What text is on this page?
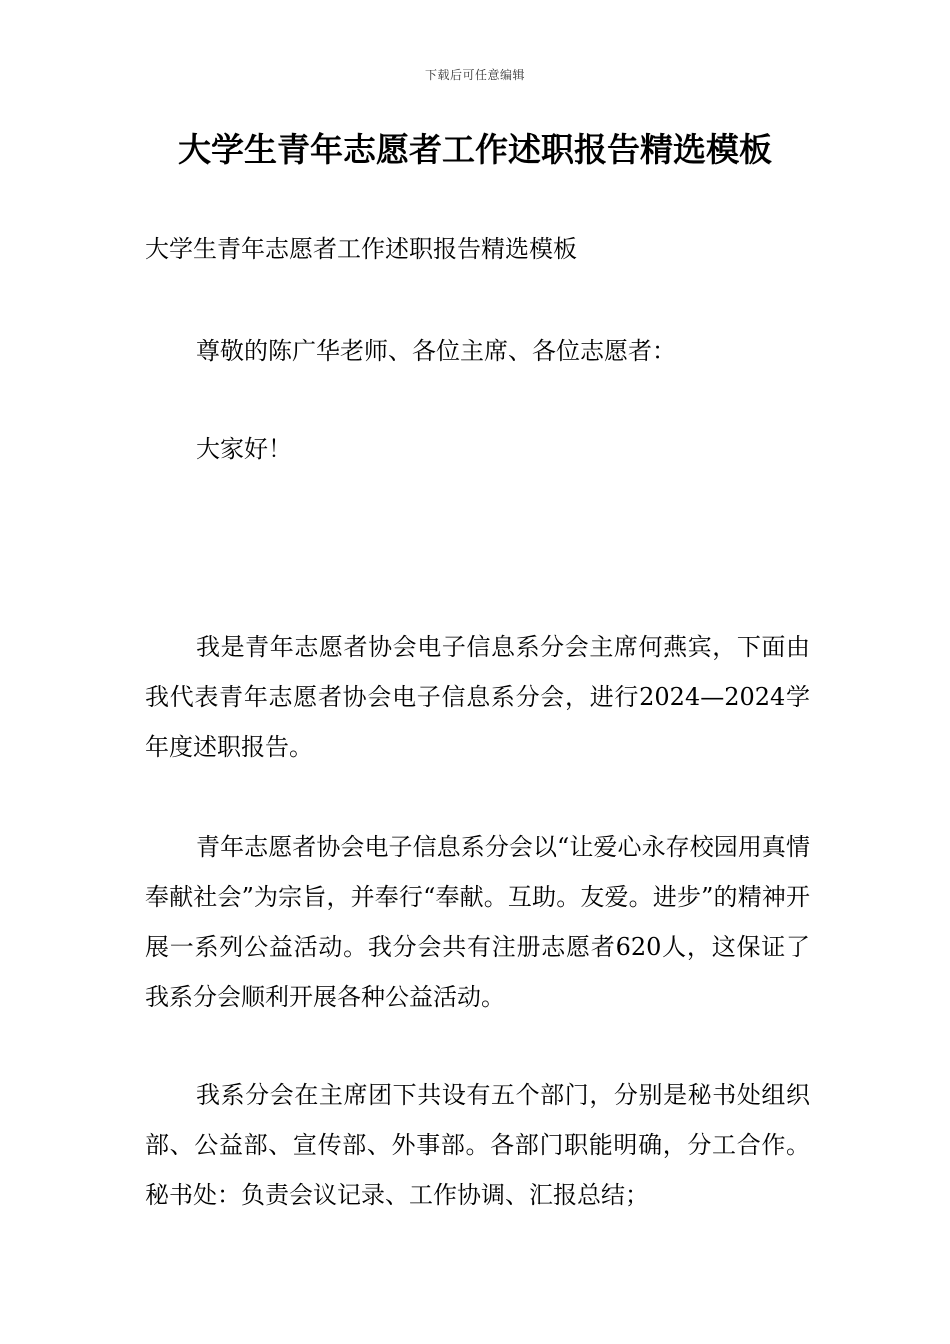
下载后可任意编辑
大学生青年志愿者工作述职报告精选模板

大学生青年志愿者工作述职报告精选模板

尊敬的陈广华老师、各位主席、各位志愿者：

大家好！

我是青年志愿者协会电子信息系分会主席何燕宾，下面由我代表青年志愿者协会电子信息系分会，进行2024—2024学年度述职报告。

青年志愿者协会电子信息系分会以“让爱心永存校园用真情奉献社会”为宗旨，并奉行“奉献。互助。友爱。进步”的精神开展一系列公益活动。我分会共有注册志愿者620人，这保证了我系分会顺利开展各种公益活动。

我系分会在主席团下共设有五个部门，分别是秘书处组织部、公益部、宣传部、外事部。各部门职能明确，分工合作。秘书处：负责会议记录、工作协调、汇报总结；
